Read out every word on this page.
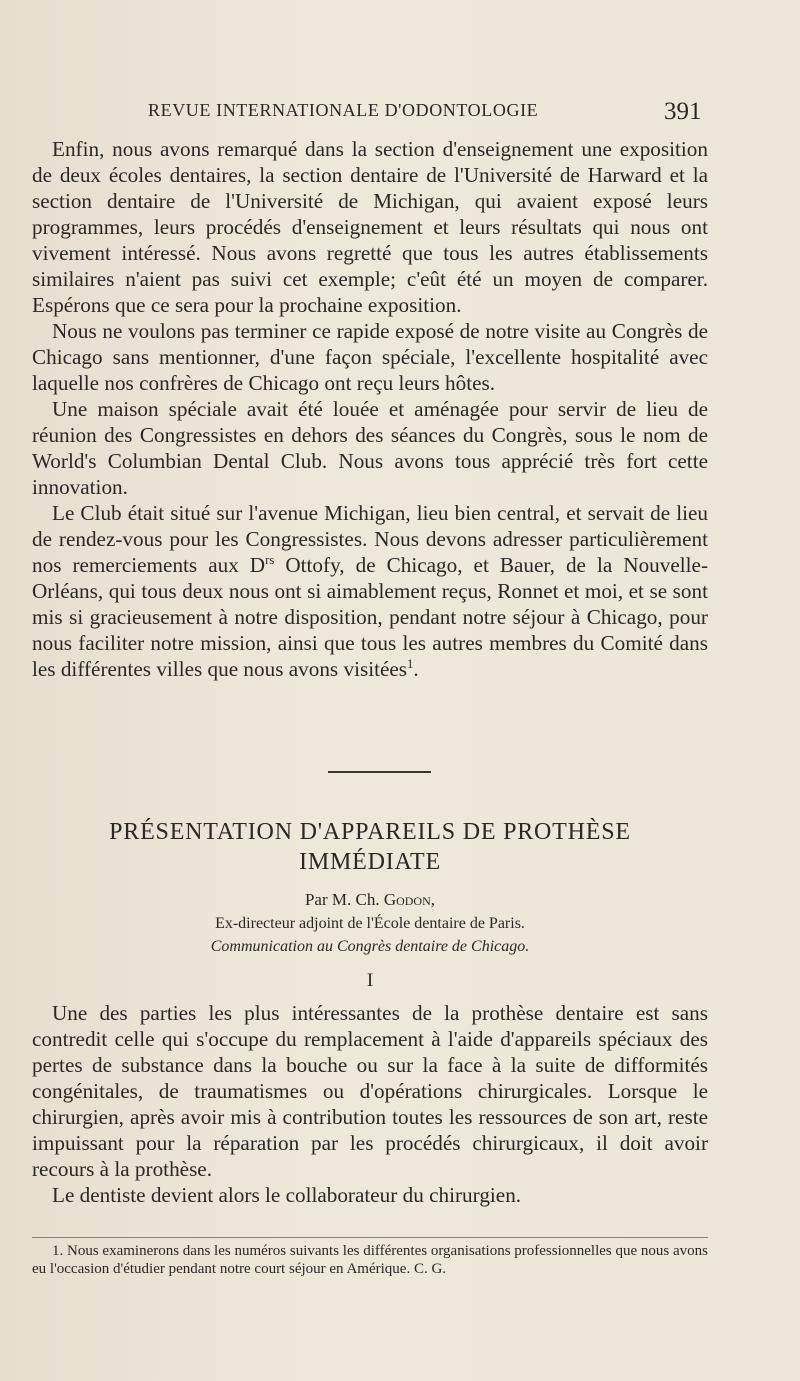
REVUE INTERNATIONALE D'ODONTOLOGIE	391

Enfin, nous avons remarqué dans la section d'enseignement une exposition de deux écoles dentaires, la section dentaire de l'Université de Harward et la section dentaire de l'Université de Michigan, qui avaient exposé leurs programmes, leurs procédés d'enseignement et leurs résultats qui nous ont vivement intéressé. Nous avons regretté que tous les autres établissements similaires n'aient pas suivi cet exemple; c'eût été un moyen de comparer. Espérons que ce sera pour la prochaine exposition.

Nous ne voulons pas terminer ce rapide exposé de notre visite au Congrès de Chicago sans mentionner, d'une façon spéciale, l'excellente hospitalité avec laquelle nos confrères de Chicago ont reçu leurs hôtes.

Une maison spéciale avait été louée et aménagée pour servir de lieu de réunion des Congressistes en dehors des séances du Congrès, sous le nom de World's Columbian Dental Club. Nous avons tous apprécié très fort cette innovation.

Le Club était situé sur l'avenue Michigan, lieu bien central, et servait de lieu de rendez-vous pour les Congressistes. Nous devons adresser particulièrement nos remerciements aux $D^{rs}$ Ottofy, de Chicago, et Bauer, de la Nouvelle-Orléans, qui tous deux nous ont si aimablement reçus, Ronnet et moi, et se sont mis si gracieusement à notre disposition, pendant notre séjour à Chicago, pour nous faciliter notre mission, ainsi que tous les autres membres du Comité dans les différentes villes que nous avons visitées$^1$.

PRÉSENTATION D'APPAREILS DE PROTHÈSE
IMMÉDIATE
Par M. Ch. Godon,
Ex-directeur adjoint de l'École dentaire de Paris.
Communication au Congrès dentaire de Chicago.
I

Une des parties les plus intéressantes de la prothèse dentaire est sans contredit celle qui s'occupe du remplacement à l'aide d'appareils spéciaux des pertes de substance dans la bouche ou sur la face à la suite de difformités congénitales, de traumatismes ou d'opérations chirurgicales. Lorsque le chirurgien, après avoir mis à contribution toutes les ressources de son art, reste impuissant pour la réparation par les procédés chirurgicaux, il doit avoir recours à la prothèse.

Le dentiste devient alors le collaborateur du chirurgien.

1. Nous examinerons dans les numéros suivants les différentes organisations professionnelles que nous avons eu l'occasion d'étudier pendant notre court séjour en Amérique. C. G.
